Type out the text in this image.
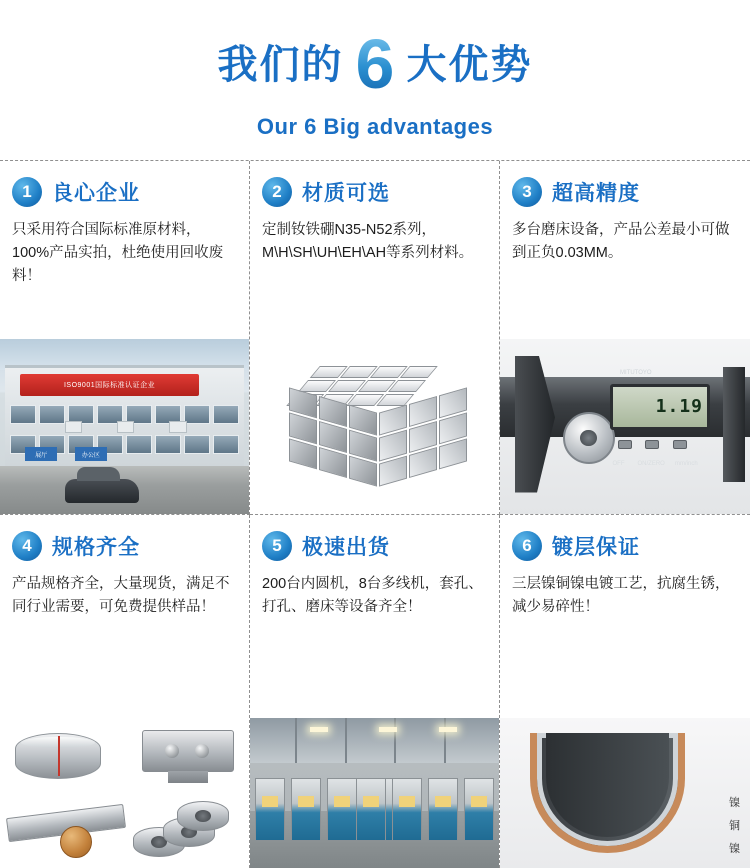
我们的 6 大优势
Our 6 Big advantages
1 良心企业
只采用符合国际标准原材料，100%产品实拍，杜绝使用回收废料！
ISO9001国际标准认证企业
展厅	办公区
2 材质可选
定制钕铁硼N35-N52系列，M\H\SH\UH\EH\AH等系列材料。
3 超高精度
多台磨床设备，产品公差最小可做到正负0.03MM。
1.19
OFF ON/ZERO mm/inch
MITUTOYO
4 规格齐全
产品规格齐全，大量现货，满足不同行业需要，可免费提供样品！
5 极速出货
200台内圆机，8台多线机，套孔、打孔、磨床等设备齐全！
6 镀层保证
三层镍铜镍电镀工艺，抗腐生锈，减少易碎性！
镍
铜
镍
